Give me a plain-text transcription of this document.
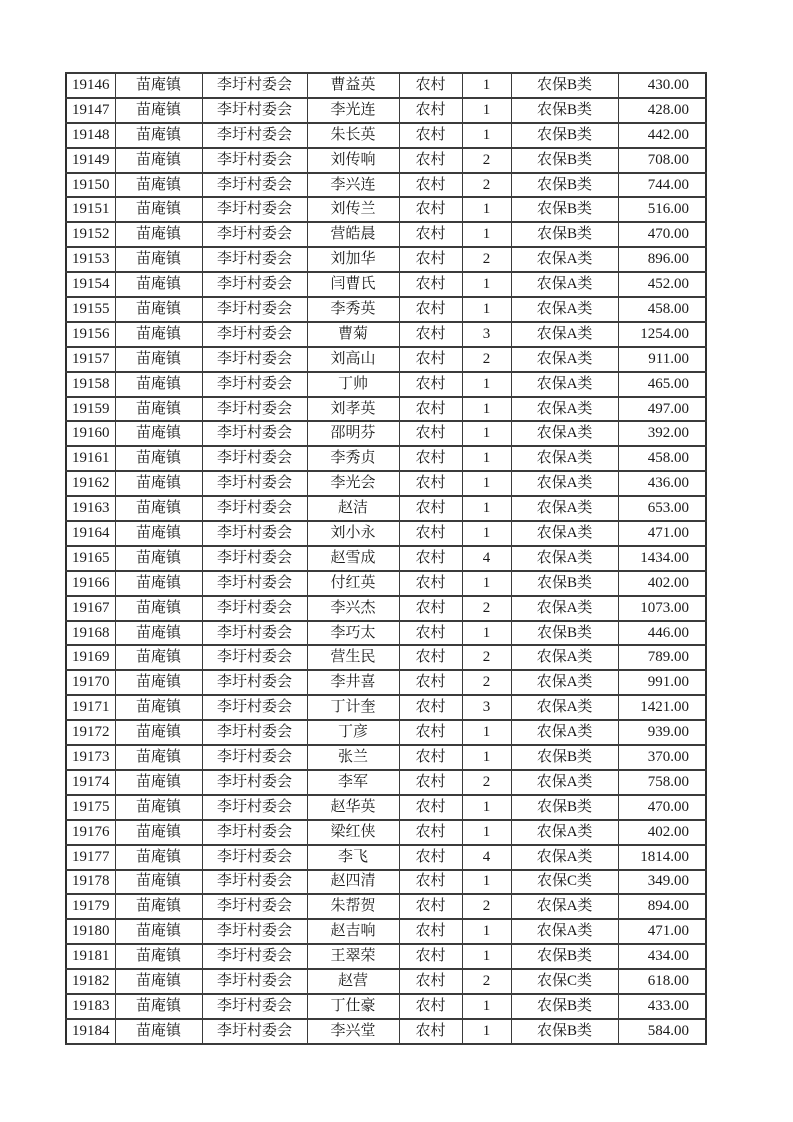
19146	苗庵镇	李圩村委会	曹益英	农村	1	农保B类	430.00
19147	苗庵镇	李圩村委会	李光连	农村	1	农保B类	428.00
19148	苗庵镇	李圩村委会	朱长英	农村	1	农保B类	442.00
19149	苗庵镇	李圩村委会	刘传响	农村	2	农保B类	708.00
19150	苗庵镇	李圩村委会	李兴连	农村	2	农保B类	744.00
19151	苗庵镇	李圩村委会	刘传兰	农村	1	农保B类	516.00
19152	苗庵镇	李圩村委会	营皓晨	农村	1	农保B类	470.00
19153	苗庵镇	李圩村委会	刘加华	农村	2	农保A类	896.00
19154	苗庵镇	李圩村委会	闫曹氏	农村	1	农保A类	452.00
19155	苗庵镇	李圩村委会	李秀英	农村	1	农保A类	458.00
19156	苗庵镇	李圩村委会	曹菊	农村	3	农保A类	1254.00
19157	苗庵镇	李圩村委会	刘高山	农村	2	农保A类	911.00
19158	苗庵镇	李圩村委会	丁帅	农村	1	农保A类	465.00
19159	苗庵镇	李圩村委会	刘孝英	农村	1	农保A类	497.00
19160	苗庵镇	李圩村委会	邵明芬	农村	1	农保A类	392.00
19161	苗庵镇	李圩村委会	李秀贞	农村	1	农保A类	458.00
19162	苗庵镇	李圩村委会	李光会	农村	1	农保A类	436.00
19163	苗庵镇	李圩村委会	赵洁	农村	1	农保A类	653.00
19164	苗庵镇	李圩村委会	刘小永	农村	1	农保A类	471.00
19165	苗庵镇	李圩村委会	赵雪成	农村	4	农保A类	1434.00
19166	苗庵镇	李圩村委会	付红英	农村	1	农保B类	402.00
19167	苗庵镇	李圩村委会	李兴杰	农村	2	农保A类	1073.00
19168	苗庵镇	李圩村委会	李巧太	农村	1	农保B类	446.00
19169	苗庵镇	李圩村委会	营生民	农村	2	农保A类	789.00
19170	苗庵镇	李圩村委会	李井喜	农村	2	农保A类	991.00
19171	苗庵镇	李圩村委会	丁计奎	农村	3	农保A类	1421.00
19172	苗庵镇	李圩村委会	丁彦	农村	1	农保A类	939.00
19173	苗庵镇	李圩村委会	张兰	农村	1	农保B类	370.00
19174	苗庵镇	李圩村委会	李军	农村	2	农保A类	758.00
19175	苗庵镇	李圩村委会	赵华英	农村	1	农保B类	470.00
19176	苗庵镇	李圩村委会	梁红侠	农村	1	农保A类	402.00
19177	苗庵镇	李圩村委会	李飞	农村	4	农保A类	1814.00
19178	苗庵镇	李圩村委会	赵四清	农村	1	农保C类	349.00
19179	苗庵镇	李圩村委会	朱帮贺	农村	2	农保A类	894.00
19180	苗庵镇	李圩村委会	赵吉响	农村	1	农保A类	471.00
19181	苗庵镇	李圩村委会	王翠荣	农村	1	农保B类	434.00
19182	苗庵镇	李圩村委会	赵营	农村	2	农保C类	618.00
19183	苗庵镇	李圩村委会	丁仕豪	农村	1	农保B类	433.00
19184	苗庵镇	李圩村委会	李兴堂	农村	1	农保B类	584.00
